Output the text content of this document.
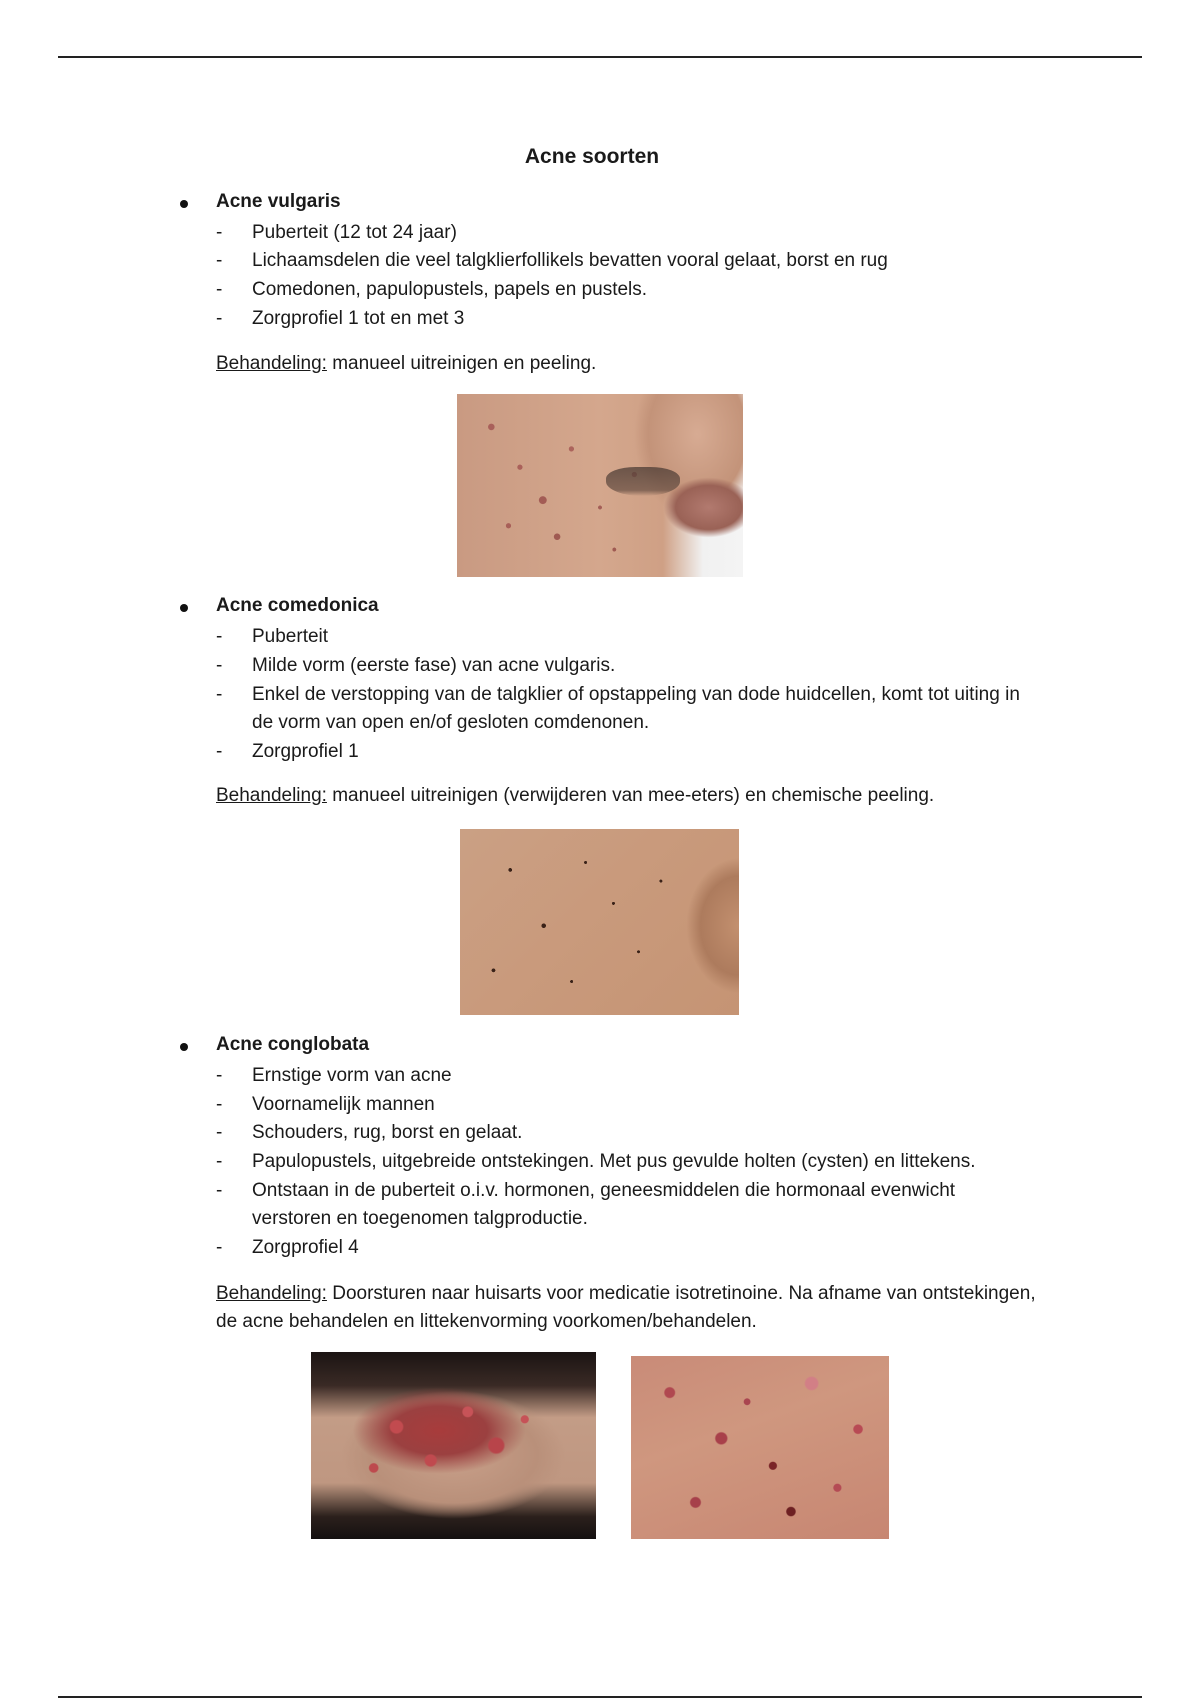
Acne soorten
Acne vulgaris
- Puberteit (12 tot 24 jaar)
- Lichaamsdelen die veel talgklierfollikels bevatten vooral gelaat, borst en rug
- Comedonen, papulopustels, papels en pustels.
- Zorgprofiel 1 tot en met 3
Behandeling: manueel uitreinigen en peeling.
Acne comedonica
- Puberteit
- Milde vorm (eerste fase) van acne vulgaris.
- Enkel de verstopping van de talgklier of opstappeling van dode huidcellen, komt tot uiting in de vorm van open en/of gesloten comdenonen.
- Zorgprofiel 1
Behandeling: manueel uitreinigen (verwijderen van mee-eters) en chemische peeling.
Acne conglobata
- Ernstige vorm van acne
- Voornamelijk mannen
- Schouders, rug, borst en gelaat.
- Papulopustels, uitgebreide ontstekingen. Met pus gevulde holten (cysten) en littekens.
- Ontstaan in de puberteit o.i.v. hormonen, geneesmiddelen die hormonaal evenwicht verstoren en toegenomen talgproductie.
- Zorgprofiel 4
Behandeling: Doorsturen naar huisarts voor medicatie isotretinoine. Na afname van ontstekingen, de acne behandelen en littekenvorming voorkomen/behandelen.
